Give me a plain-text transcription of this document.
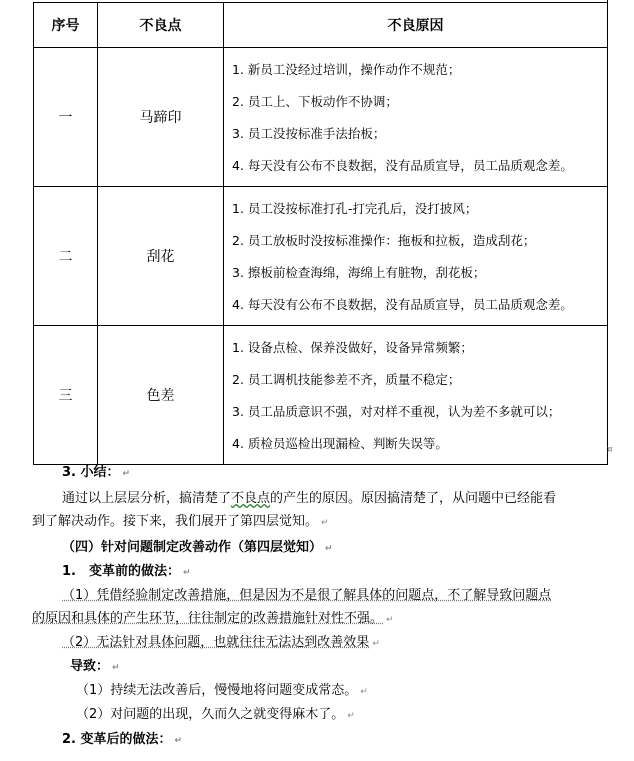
序号	不良点	不良原因
一	马蹄印	1. 新员工没经过培训，操作动作不规范；
2. 员工上、下板动作不协调；
3. 员工没按标准手法抬板；
4. 每天没有公布不良数据，没有品质宣导，员工品质观念差。

二	刮花	1. 员工没按标准打孔-打完孔后，没打披风；
2. 员工放板时没按标准操作：拖板和拉板，造成刮花；
3. 擦板前检查海绵，海绵上有脏物，刮花板；
4. 每天没有公布不良数据，没有品质宣导，员工品质观念差。

三	色差	1. 设备点检、保养没做好，设备异常频繁；
2. 员工调机技能参差不齐，质量不稳定；
3. 员工品质意识不强，对对样不重视，认为差不多就可以；
4. 质检员巡检出现漏检、判断失误等。	¤
3. 小结： ↵
通过以上层层分析，搞清楚了不良点的产生的原因。原因搞清楚了，从问题中已经能看
到了解决动作。接下来，我们展开了第四层觉知。 ↵
（四）针对问题制定改善动作（第四层觉知） ↵
1.　变革前的做法： ↵
（1）凭借经验制定改善措施，但是因为不是很了解具体的问题点，不了解导致问题点
的原因和具体的产生环节，往往制定的改善措施针对性不强。 ↵
（2）无法针对具体问题，也就往往无法达到改善效果 ↵
导致： ↵
（1）持续无法改善后，慢慢地将问题变成常态。 ↵
（2）对问题的出现，久而久之就变得麻木了。 ↵
2. 变革后的做法： ↵
